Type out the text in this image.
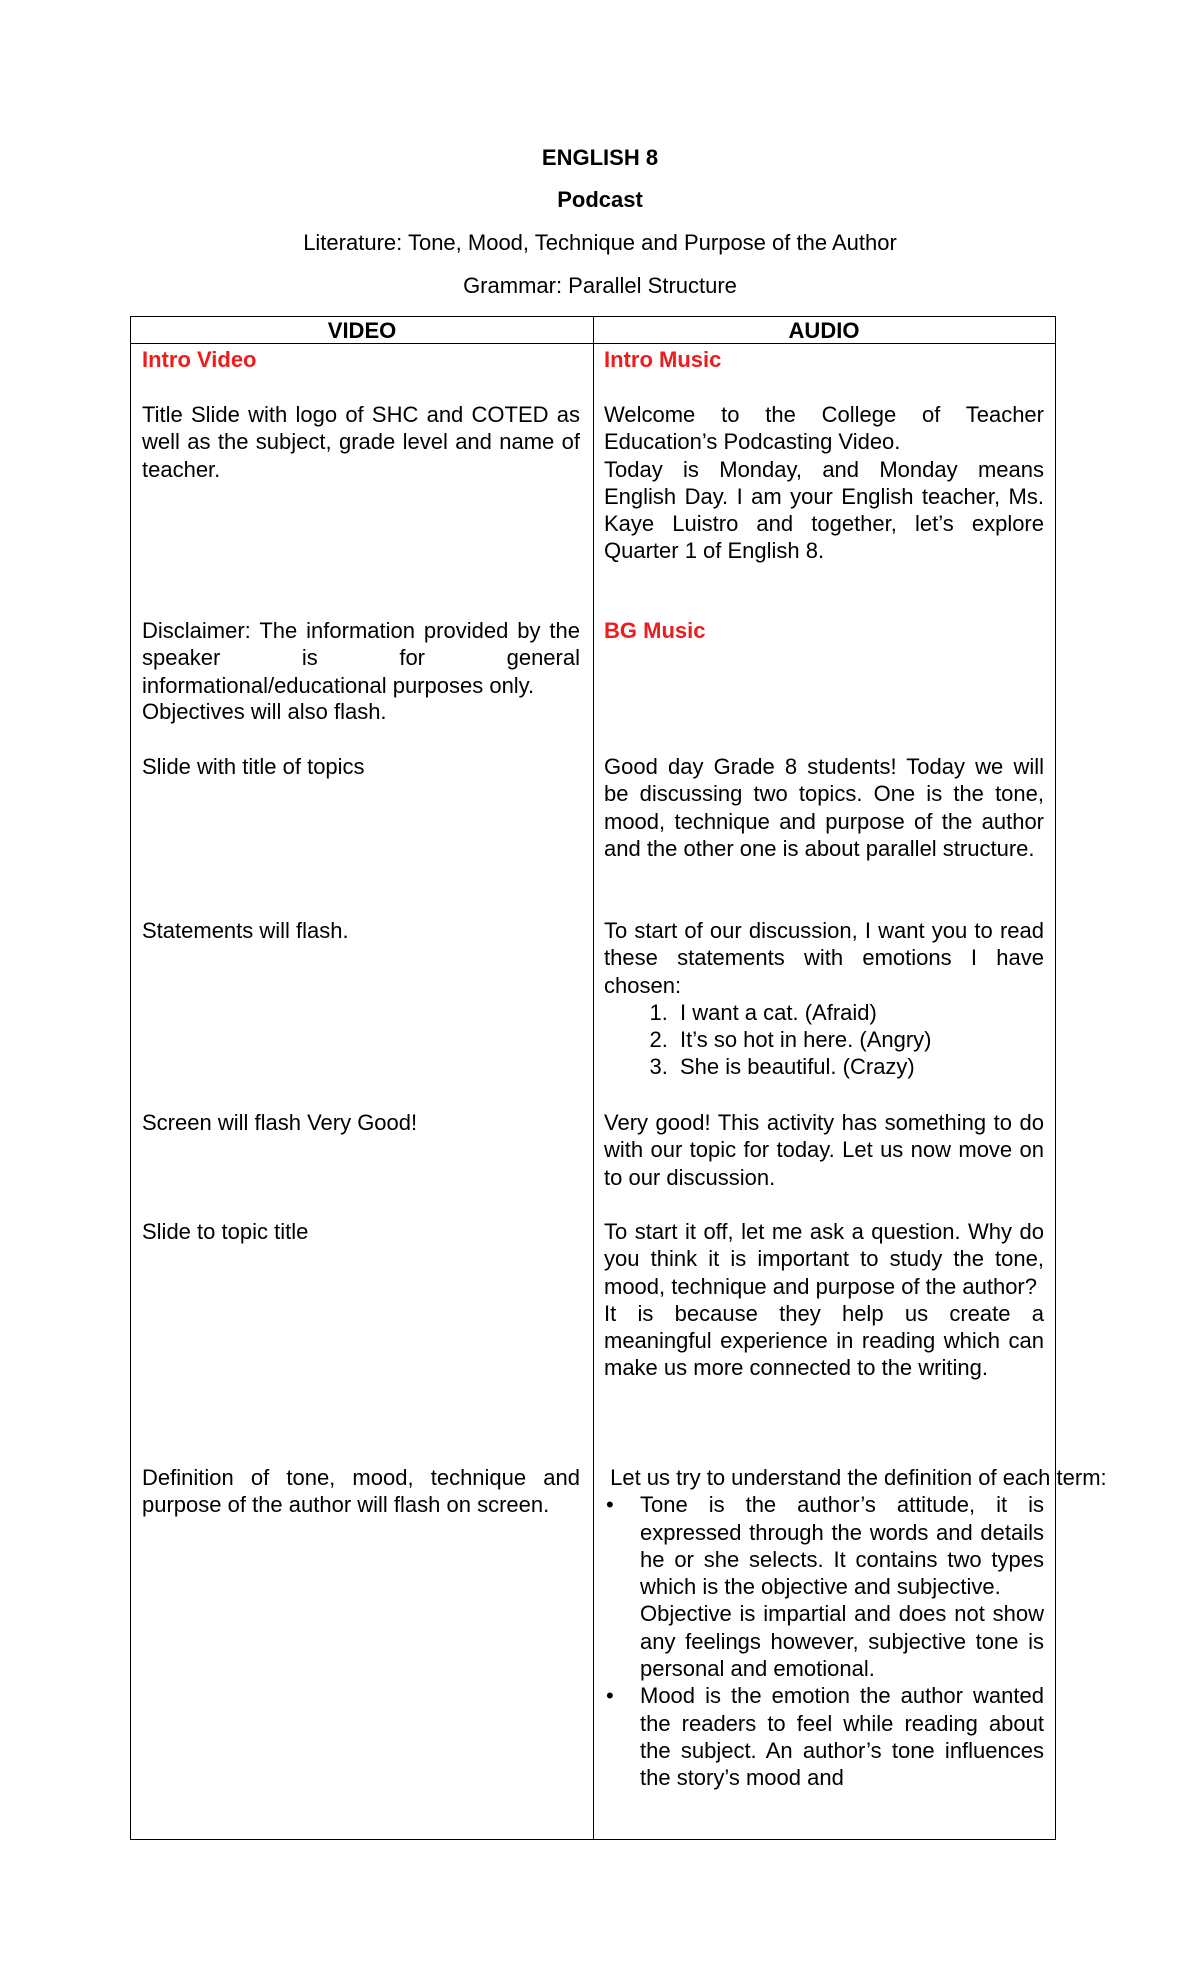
ENGLISH 8
Podcast
Literature: Tone, Mood, Technique and Purpose of the Author
Grammar: Parallel Structure
VIDEO	AUDIO
Intro Video
Title Slide with logo of SHC and COTED as well as the subject, grade level and name of teacher.
Disclaimer: The information provided by the speaker is for general informational/educational purposes only.
Objectives will also flash.
Slide with title of topics
Statements will flash.
Screen will flash Very Good!
Slide to topic title
Definition of tone, mood, technique and purpose of the author will flash on screen.
Intro Music

Welcome to the College of Teacher Education’s Podcasting Video.

Today is Monday, and Monday means English Day. I am your English teacher, Ms. Kaye Luistro and together, let’s explore Quarter 1 of English 8.

BG Music
Good day Grade 8 students! Today we will be discussing two topics. One is the tone, mood, technique and purpose of the author and the other one is about parallel structure.

To start of our discussion, I want you to read these statements with emotions I have chosen:

1. I want a cat. (Afraid)
2. It’s so hot in here. (Angry)
3. She is beautiful. (Crazy)
Very good! This activity has something to do with our topic for today. Let us now move on to our discussion.

To start it off, let me ask a question. Why do you think it is important to study the tone, mood, technique and purpose of the author?

It is because they help us create a meaningful experience in reading which can make us more connected to the writing.

Let us try to understand the definition of each term:

• Tone is the author’s attitude, it is expressed through the words and details he or she selects. It contains two types which is the objective and subjective.

Objective is impartial and does not show any feelings however, subjective tone is personal and emotional.

• Mood is the emotion the author wanted the readers to feel while reading about the subject. An author’s tone influences the story’s mood and
